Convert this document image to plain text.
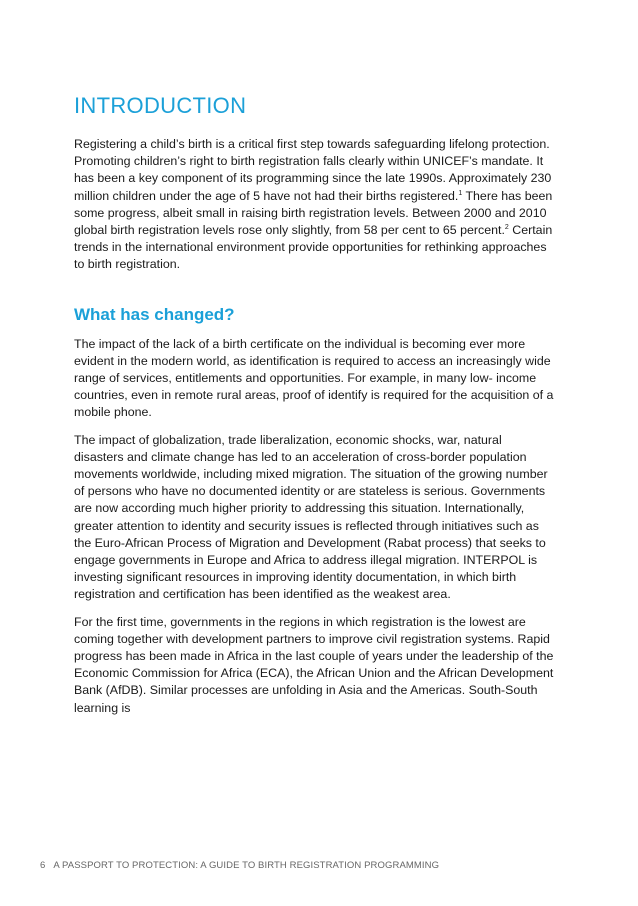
INTRODUCTION

Registering a child’s birth is a critical first step towards safeguarding lifelong protection. Promoting children’s right to birth registration falls clearly within UNICEF’s mandate. It has been a key component of its programming since the late 1990s. Approximately 230 million children under the age of 5 have not had their births registered.$^1$ There has been some progress, albeit small in raising birth registration levels. Between 2000 and 2010 global birth registration levels rose only slightly, from 58 per cent to 65 percent.$^2$ Certain trends in the international environment provide opportunities for rethinking approaches to birth registration.

What has changed?

The impact of the lack of a birth certificate on the individual is becoming ever more evident in the modern world, as identification is required to access an increasingly wide range of services, entitlements and opportunities. For example, in many low- income countries, even in remote rural areas, proof of identify is required for the acquisition of a mobile phone.

The impact of globalization, trade liberalization, economic shocks, war, natural disasters and climate change has led to an acceleration of cross-border population movements worldwide, including mixed migration. The situation of the growing number of persons who have no documented identity or are stateless is serious. Governments are now according much higher priority to addressing this situation. Internationally, greater attention to identity and security issues is reflected through initiatives such as the Euro-African Process of Migration and Development (Rabat process) that seeks to engage governments in Europe and Africa to address illegal migration. INTERPOL is investing significant resources in improving identity documentation, in which birth registration and certification has been identified as the weakest area.

For the first time, governments in the regions in which registration is the lowest are coming together with development partners to improve civil registration systems. Rapid progress has been made in Africa in the last couple of years under the leadership of the Economic Commission for Africa (ECA), the African Union and the African Development Bank (AfDB). Similar processes are unfolding in Asia and the Americas. South-South learning is

6 A PASSPORT TO PROTECTION: A GUIDE TO BIRTH REGISTRATION PROGRAMMING
